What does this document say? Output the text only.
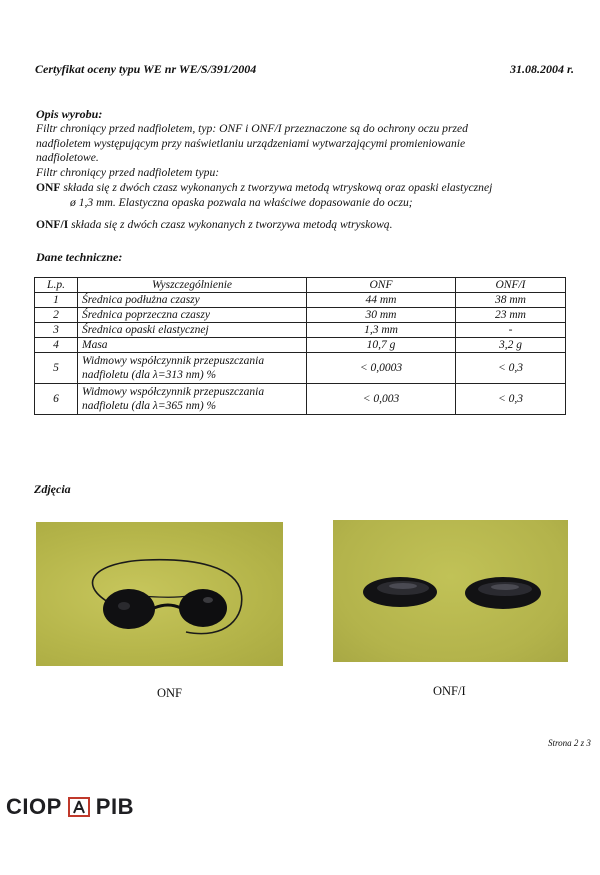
Certyfikat oceny typu WE nr WE/S/391/2004	31.08.2004 r.
Opis wyrobu:
Filtr chroniący przed nadfioletem, typ: ONF i ONF/I przeznaczone są do ochrony oczu przed
nadfioletem występującym przy naświetlaniu urządzeniami wytwarzającymi promieniowanie
nadfioletowe.
Filtr chroniący przed nadfioletem typu:
ONF składa się z dwóch czasz wykonanych z tworzywa metodą wtryskową oraz opaski elastycznej
ø 1,3 mm. Elastyczna opaska pozwala na właściwe dopasowanie do oczu;
ONF/I składa się z dwóch czasz wykonanych z tworzywa metodą wtryskową.
Dane techniczne:
L.p.	Wyszczególnienie	ONF	ONF/I
1	Średnica podłużna czaszy	44 mm	38 mm
2	Średnica poprzeczna czaszy	30 mm	23 mm
3	Średnica opaski elastycznej	1,3 mm	-
4	Masa	10,7 g	3,2 g
5	Widmowy współczynnik przepuszczania nadfioletu (dla λ=313 nm) %	< 0,0003	< 0,3
6	Widmowy współczynnik przepuszczania nadfioletu (dla λ=365 nm) %	< 0,003	< 0,3
Zdjęcia
ONF	ONF/I
Strona 2 z 3
CIOP PIB
